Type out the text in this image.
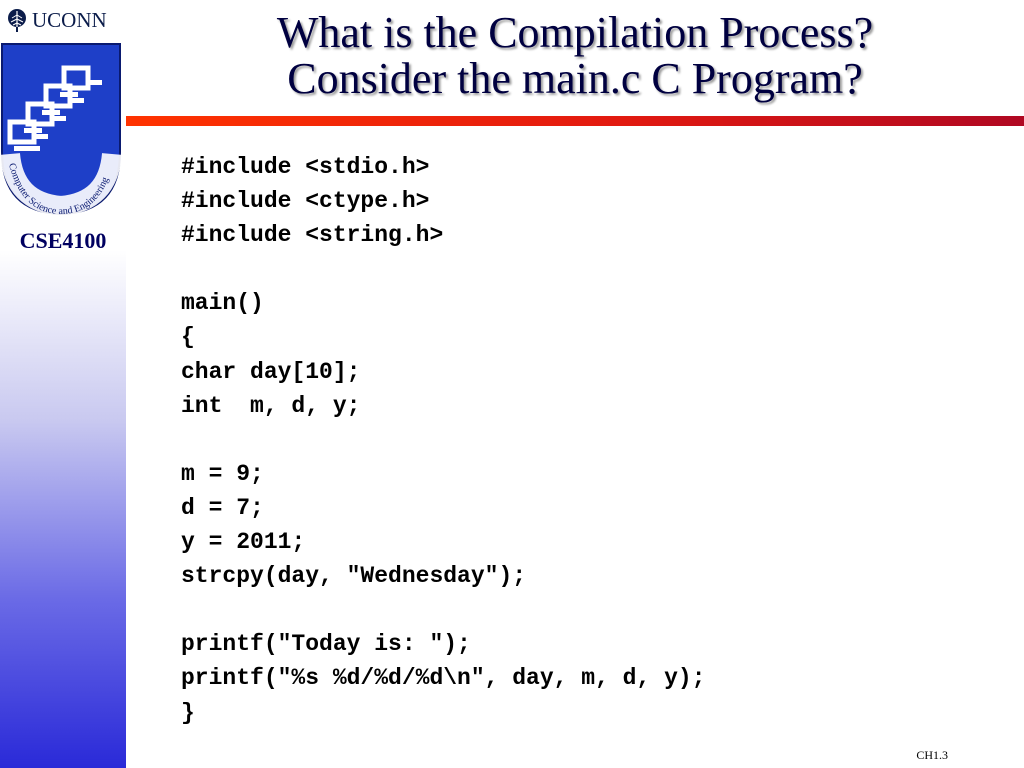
UCONN
Computer Science and Engineering
CSE4100
What is the Compilation Process?
Consider the main.c C Program?
#include <stdio.h>
#include <ctype.h>
#include <string.h>
main()
{
char day[10];
int  m, d, y;
m = 9;
d = 7;
y = 2011;
strcpy(day, "Wednesday");
printf("Today is: ");
printf("%s %d/%d/%d\n", day, m, d, y);
}
CH1.3
